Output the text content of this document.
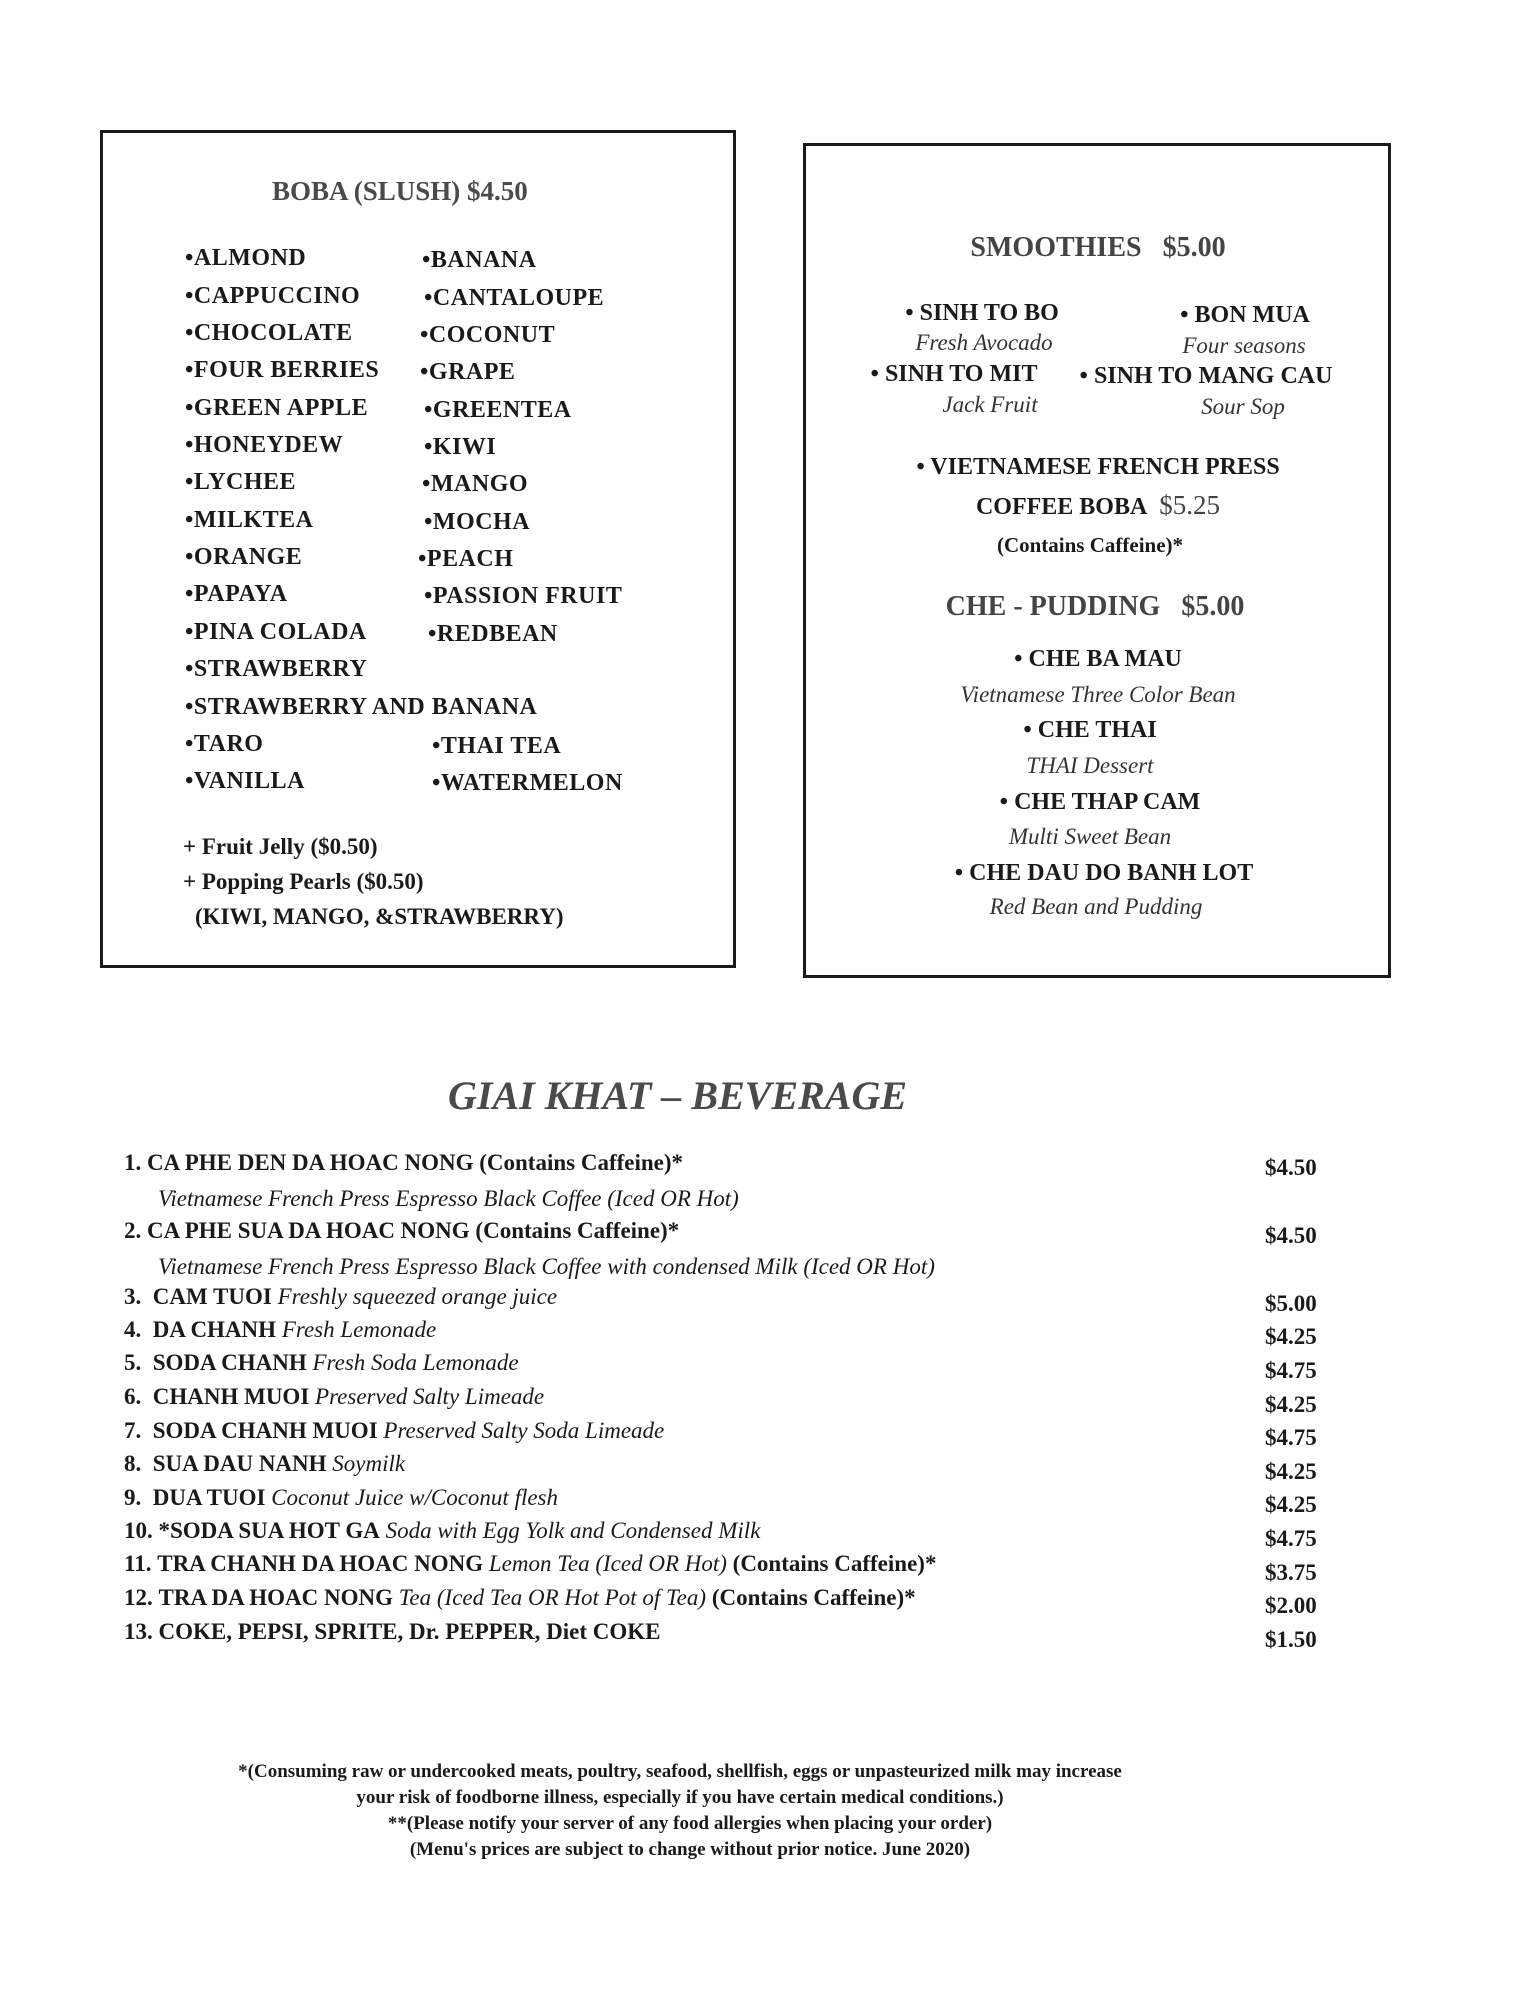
BOBA (SLUSH) $4.50
•ALMOND
•CAPPUCCINO
•CHOCOLATE
•FOUR BERRIES
•GREEN APPLE
•HONEYDEW
•LYCHEE
•MILKTEA
•ORANGE
•PAPAYA
•PINA COLADA
•STRAWBERRY
•STRAWBERRY AND BANANA
•TARO
•VANILLA
•BANANA
•CANTALOUPE
•COCONUT
•GRAPE
•GREENTEA
•KIWI
•MANGO
•MOCHA
•PEACH
•PASSION FRUIT
•REDBEAN
•THAI TEA
•WATERMELON
+ Fruit Jelly ($0.50)
+ Popping Pearls ($0.50)
(KIWI, MANGO, &STRAWBERRY)
SMOOTHIES   $5.00
• SINH TO BO
Fresh Avocado
• BON MUA
Four seasons
• SINH TO MIT
Jack Fruit
• SINH TO MANG CAU
Sour Sop
• VIETNAMESE FRENCH PRESS
COFFEE BOBA $5.25
(Contains Caffeine)*
CHE - PUDDING   $5.00
• CHE BA MAU
Vietnamese Three Color Bean
• CHE THAI
THAI Dessert
• CHE THAP CAM
Multi Sweet Bean
• CHE DAU DO BANH LOT
Red Bean and Pudding
GIAI KHAT – BEVERAGE
1. CA PHE DEN DA HOAC NONG (Contains Caffeine)*	$4.50
Vietnamese French Press Espresso Black Coffee (Iced OR Hot)
2. CA PHE SUA DA HOAC NONG (Contains Caffeine)*	$4.50
Vietnamese French Press Espresso Black Coffee with condensed Milk (Iced OR Hot)
3. CAM TUOI Freshly squeezed orange juice	$5.00
4. DA CHANH Fresh Lemonade	$4.25
5. SODA CHANH Fresh Soda Lemonade	$4.75
6. CHANH MUOI Preserved Salty Limeade	$4.25
7. SODA CHANH MUOI Preserved Salty Soda Limeade	$4.75
8. SUA DAU NANH Soymilk	$4.25
9. DUA TUOI Coconut Juice w/Coconut flesh	$4.25
10. *SODA SUA HOT GA Soda with Egg Yolk and Condensed Milk	$4.75
11. TRA CHANH DA HOAC NONG Lemon Tea (Iced OR Hot) (Contains Caffeine)*	$3.75
12. TRA DA HOAC NONG Tea (Iced Tea OR Hot Pot of Tea) (Contains Caffeine)*	$2.00
13. COKE, PEPSI, SPRITE, Dr. PEPPER, Diet COKE	$1.50
*(Consuming raw or undercooked meats, poultry, seafood, shellfish, eggs or unpasteurized milk may increase
your risk of foodborne illness, especially if you have certain medical conditions.)
**(Please notify your server of any food allergies when placing your order)
(Menu's prices are subject to change without prior notice. June 2020)
